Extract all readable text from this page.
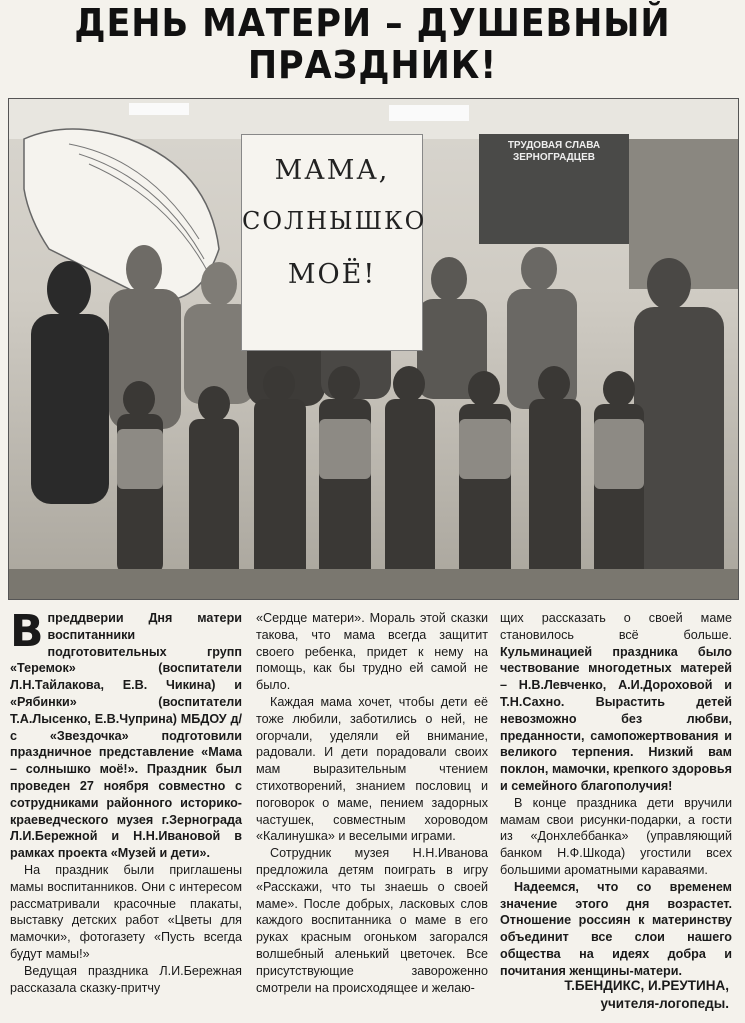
ДЕНЬ МАТЕРИ – ДУШЕВНЫЙ
ПРАЗДНИК!
МАМА,
СОЛНЫШКО
МОЁ!
ТРУДОВАЯ СЛАВА ЗЕРНОГРАДЦЕВ

Впреддверии Дня матери воспитанники подготовительных групп «Теремок» (воспитатели Л.Н.Тайлакова, Е.В. Чикина) и «Рябинки» (воспитатели Т.А.Лысенко, Е.В.Чуприна) МБДОУ д/с «Звездочка» подготовили праздничное представление «Мама – солнышко моё!». Праздник был проведен 27 ноября совместно с сотрудниками районного историко-краеведческого музея г.Зернограда Л.И.Бережной и Н.Н.Ивановой в рамках проекта «Музей и дети».

На праздник были приглашены мамы воспитанников. Они с интересом рассматривали красочные плакаты, выставку детских работ «Цветы для мамочки», фотогазету «Пусть всегда будут мамы!»

Ведущая праздника Л.И.Бережная рассказала сказку-притчу

«Сердце матери». Мораль этой сказки такова, что мама всегда защитит своего ребенка, придет к нему на помощь, как бы трудно ей самой не было.

Каждая мама хочет, чтобы дети её тоже любили, заботились о ней, не огорчали, уделяли ей внимание, радовали. И дети порадовали своих мам выразительным чтением стихотворений, знанием пословиц и поговорок о маме, пением задорных частушек, совместным хороводом «Калинушка» и веселыми играми.

Сотрудник музея Н.Н.Иванова предложила детям поиграть в игру «Расскажи, что ты знаешь о своей маме». После добрых, ласковых слов каждого воспитанника о маме в его руках красным огоньком загорался волшебный аленький цветочек. Все присутствующие завороженно смотрели на происходящее и желаю-

щих рассказать о своей маме становилось всё больше. Кульминацией праздника было чествование многодетных матерей – Н.В.Левченко, А.И.Дороховой и Т.Н.Сахно. Вырастить детей невозможно без любви, преданности, самопожертвования и великого терпения. Низкий вам поклон, мамочки, крепкого здоровья и семейного благополучия!

В конце праздника дети вручили мамам свои рисунки-подарки, а гости из «Донхлеббанка» (управляющий банком Н.Ф.Шкода) угостили всех большими ароматными караваями.

Надеемся, что со временем значение этого дня возрастет. Отношение россиян к материнству объединит все слои нашего общества на идеях добра и почитания женщины-матери.

Т.БЕНДИКС, И.РЕУТИНА,
учителя-логопеды.
